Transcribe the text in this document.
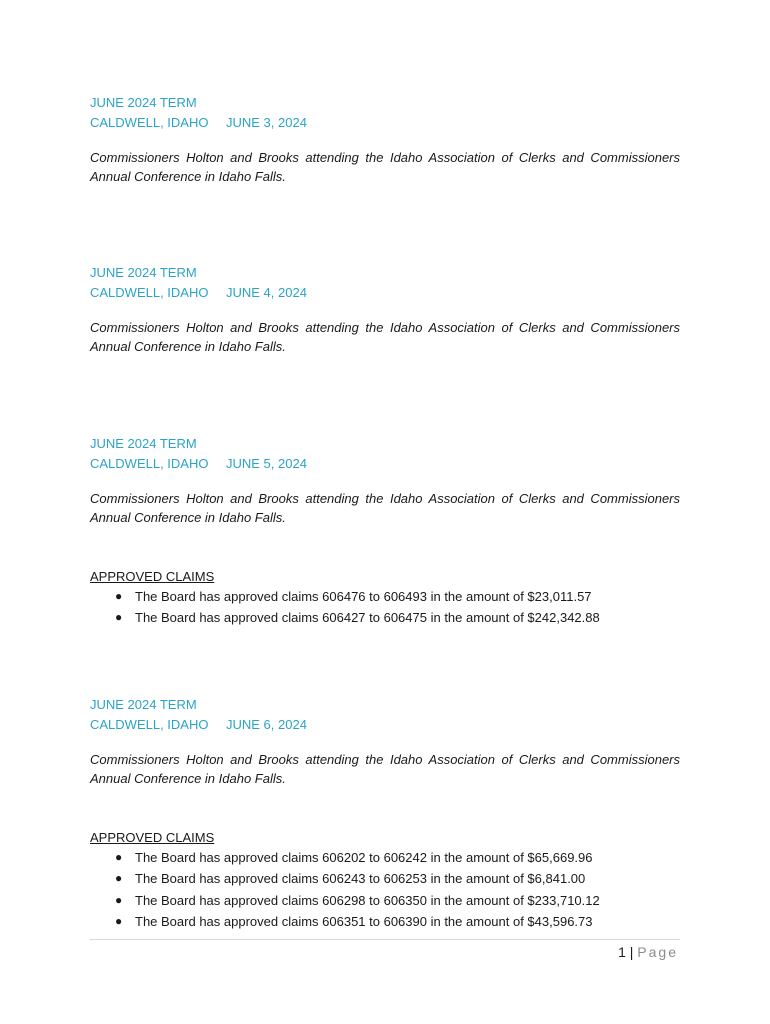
JUNE 2024 TERM
CALDWELL, IDAHO	JUNE 3, 2024
Commissioners Holton and Brooks attending the Idaho Association of Clerks and Commissioners Annual Conference in Idaho Falls.
JUNE 2024 TERM
CALDWELL, IDAHO	JUNE 4, 2024
Commissioners Holton and Brooks attending the Idaho Association of Clerks and Commissioners Annual Conference in Idaho Falls.
JUNE 2024 TERM
CALDWELL, IDAHO	JUNE 5, 2024
Commissioners Holton and Brooks attending the Idaho Association of Clerks and Commissioners Annual Conference in Idaho Falls.
APPROVED CLAIMS
● The Board has approved claims 606476 to 606493 in the amount of $23,011.57
● The Board has approved claims 606427 to 606475 in the amount of $242,342.88
JUNE 2024 TERM
CALDWELL, IDAHO	JUNE 6, 2024
Commissioners Holton and Brooks attending the Idaho Association of Clerks and Commissioners Annual Conference in Idaho Falls.
APPROVED CLAIMS
● The Board has approved claims 606202 to 606242 in the amount of $65,669.96
● The Board has approved claims 606243 to 606253 in the amount of $6,841.00
● The Board has approved claims 606298 to 606350 in the amount of $233,710.12
● The Board has approved claims 606351 to 606390 in the amount of $43,596.73
1 | Page
